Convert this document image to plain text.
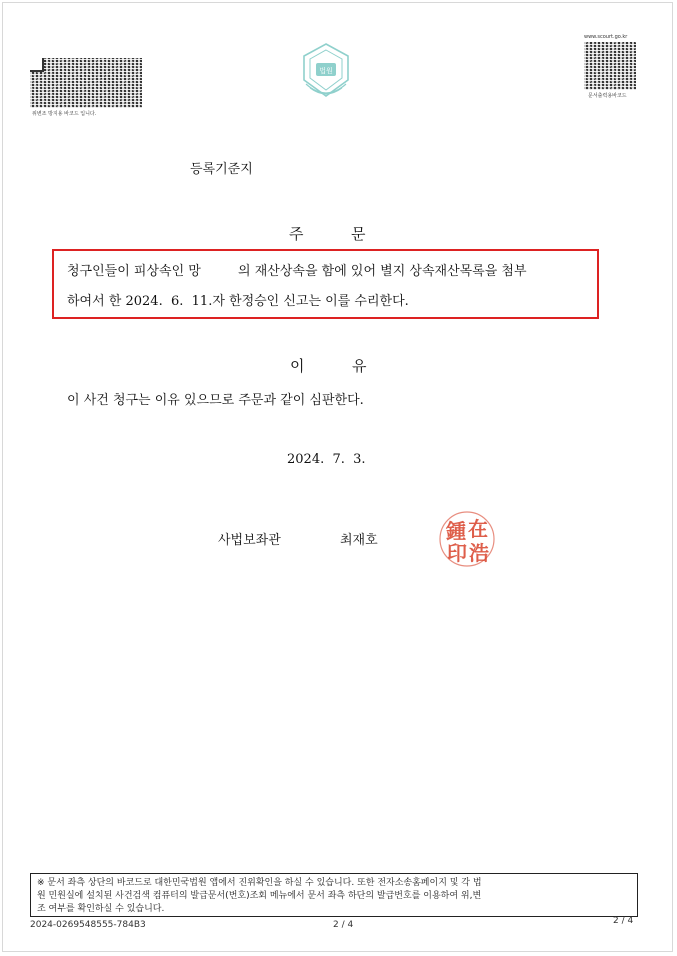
위변조 방지용 바코드 입니다.
www.scourt.go.kr
문서출력용바코드
법원
등록기준지
주	문
청구인들이 피상속인 망         의 재산상속을 함에 있어 별지 상속재산목록을 첨부
하여서 한 2024.  6.  11.자 한정승인 신고는 이를 수리한다.
이	유
이 사건 청구는 이유 있으므로 주문과 같이 심판한다.
2024.  7.  3.
사법보좌관	최재호	鍾 在
印 浩
※ 문서 좌측 상단의 바코드로 대한민국법원 앱에서 진위확인을 하실 수 있습니다. 또한 전자소송홈페이지 및 각 법
원 민원실에 설치된 사건검색 컴퓨터의 발급문서(번호)조회 메뉴에서 문서 좌측 하단의 발급번호를 이용하여 위,변
조 여부를 확인하실 수 있습니다.
2024-0269548555-784B3	2 / 4	2 / 4
